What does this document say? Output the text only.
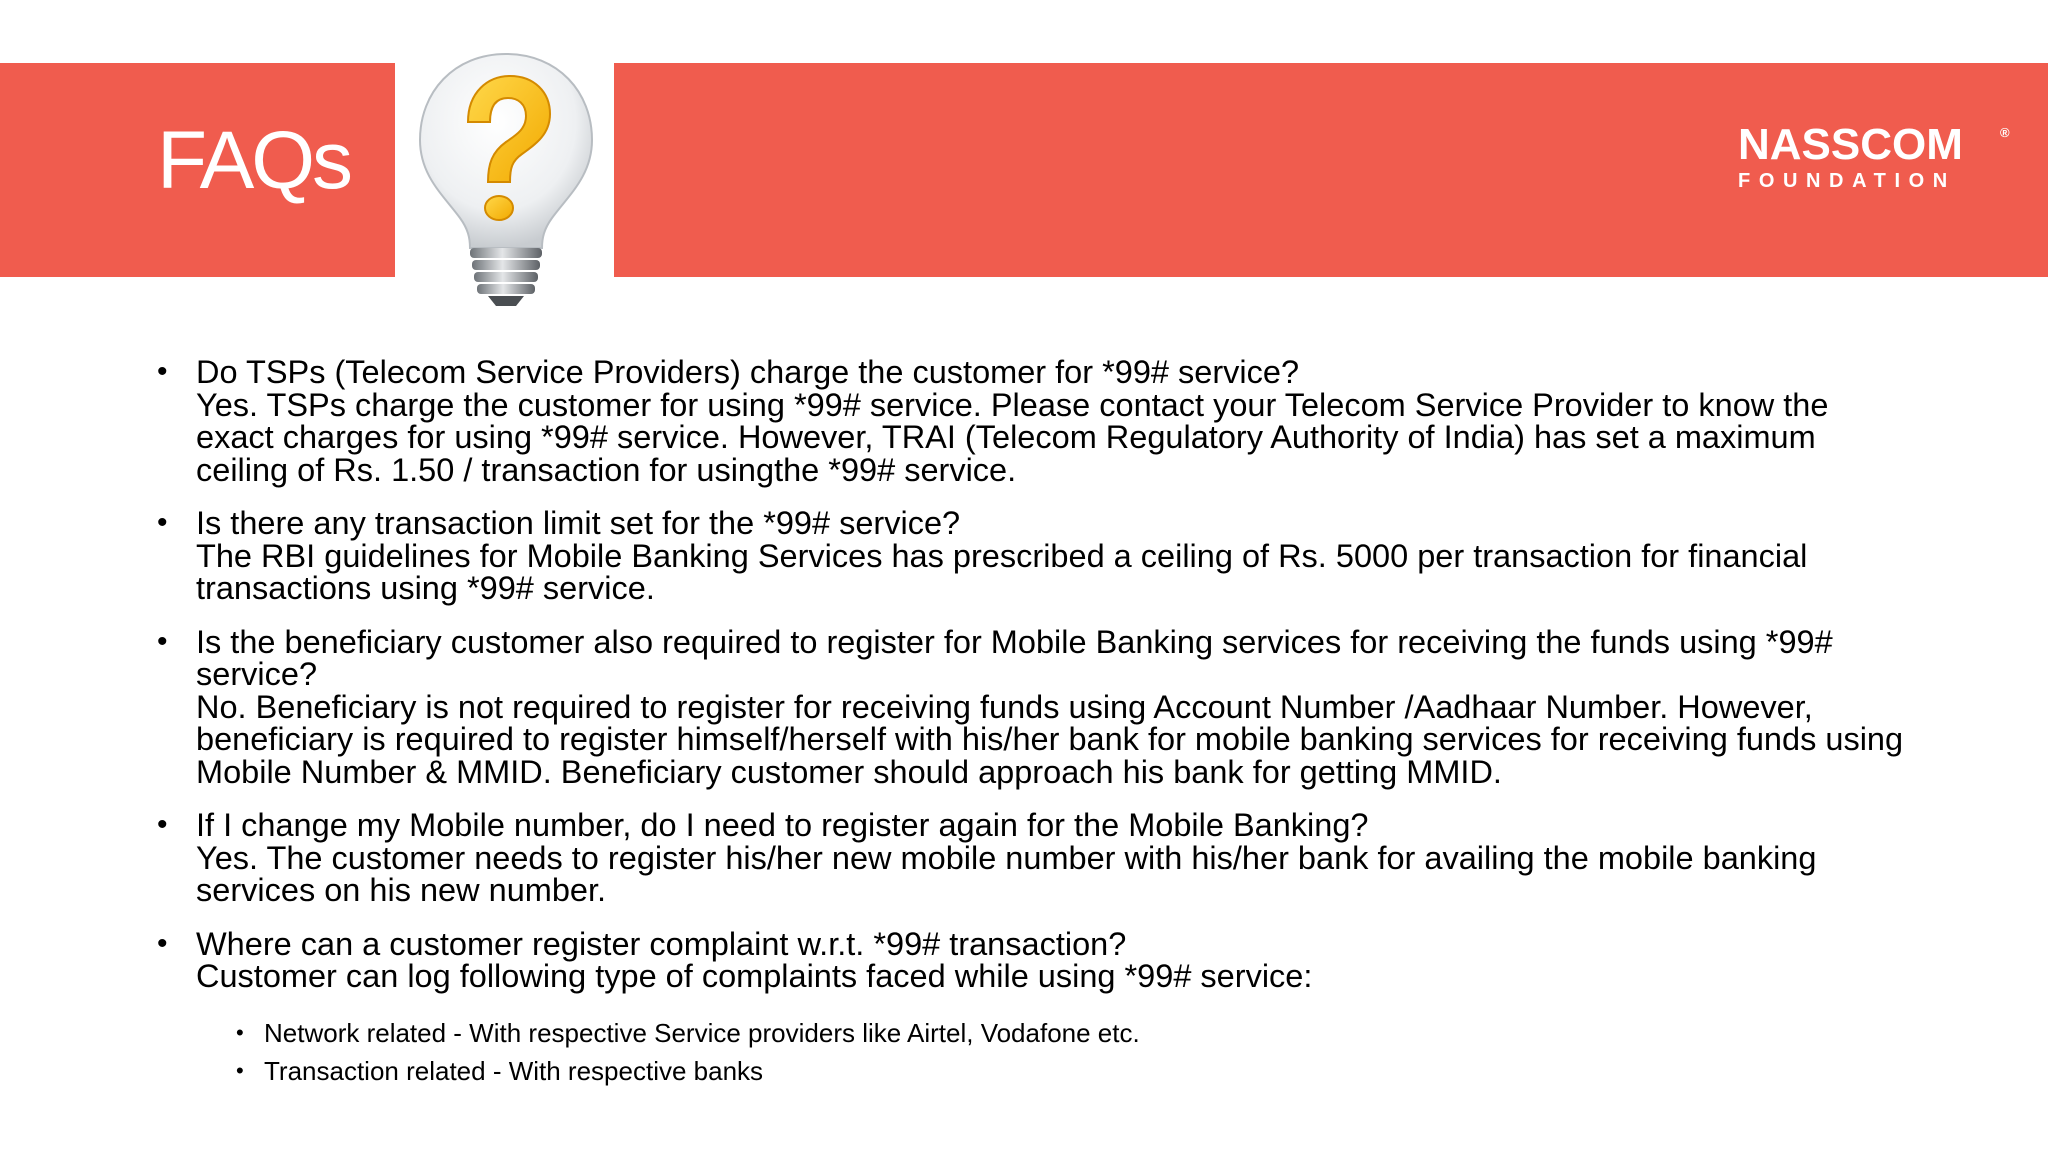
FAQs	NASSCOM	®
FOUNDATION
• Do TSPs (Telecom Service Providers) charge the customer for *99# service?
Yes. TSPs charge the customer for using *99# service. Please contact your Telecom Service Provider to know the exact charges for using *99# service. However, TRAI (Telecom Regulatory Authority of India) has set a maximum ceiling of Rs. 1.50 / transaction for usingthe *99# service.
• Is there any transaction limit set for the *99# service?
The RBI guidelines for Mobile Banking Services has prescribed a ceiling of Rs. 5000 per transaction for financial transactions using *99# service.
• Is the beneficiary customer also required to register for Mobile Banking services for receiving the funds using *99# service?
No. Beneficiary is not required to register for receiving funds using Account Number /Aadhaar Number. However, beneficiary is required to register himself/herself with his/her bank for mobile banking services for receiving funds using Mobile Number & MMID. Beneficiary customer should approach his bank for getting MMID.
• If I change my Mobile number, do I need to register again for the Mobile Banking?
Yes. The customer needs to register his/her new mobile number with his/her bank for availing the mobile banking services on his new number.
• Where can a customer register complaint w.r.t. *99# transaction?
Customer can log following type of complaints faced while using *99# service:
• Network related - With respective Service providers like Airtel, Vodafone etc.
• Transaction related - With respective banks
